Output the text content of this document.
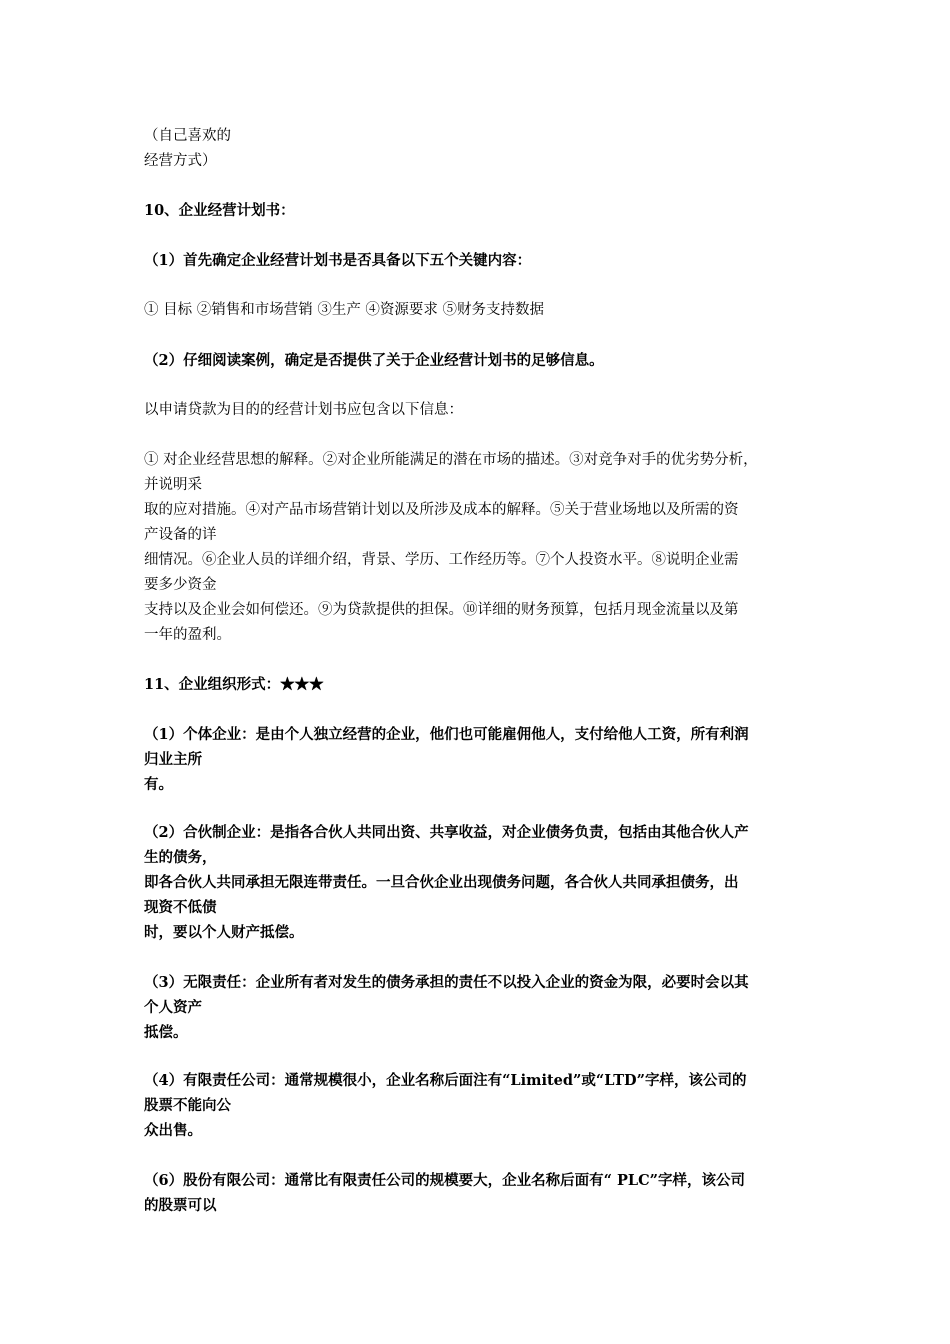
（自己喜欢的
经营方式）
10、企业经营计划书：
（1）首先确定企业经营计划书是否具备以下五个关键内容：
① 目标 ②销售和市场营销 ③生产 ④资源要求 ⑤财务支持数据
（2）仔细阅读案例，确定是否提供了关于企业经营计划书的足够信息。
以申请贷款为目的的经营计划书应包含以下信息：
① 对企业经营思想的解释。②对企业所能满足的潜在市场的描述。③对竞争对手的优劣势分析，
并说明采
取的应对措施。④对产品市场营销计划以及所涉及成本的解释。⑤关于营业场地以及所需的资
产设备的详
细情况。⑥企业人员的详细介绍，背景、学历、工作经历等。⑦个人投资水平。⑧说明企业需
要多少资金
支持以及企业会如何偿还。⑨为贷款提供的担保。⑩详细的财务预算，包括月现金流量以及第
一年的盈利。
11、企业组织形式：★★★
（1）个体企业：是由个人独立经营的企业，他们也可能雇佣他人，支付给他人工资，所有利润
归业主所
有。
（2）合伙制企业：是指各合伙人共同出资、共享收益，对企业债务负责，包括由其他合伙人产
生的债务，
即各合伙人共同承担无限连带责任。一旦合伙企业出现债务问题，各合伙人共同承担债务，出
现资不低债
时，要以个人财产抵偿。
（3）无限责任：企业所有者对发生的债务承担的责任不以投入企业的资金为限，必要时会以其
个人资产
抵偿。
（4）有限责任公司：通常规模很小，企业名称后面注有“Limited”或“LTD”字样，该公司的
股票不能向公
众出售。
（6）股份有限公司：通常比有限责任公司的规模要大，企业名称后面有“ PLC”字样，该公司
的股票可以
